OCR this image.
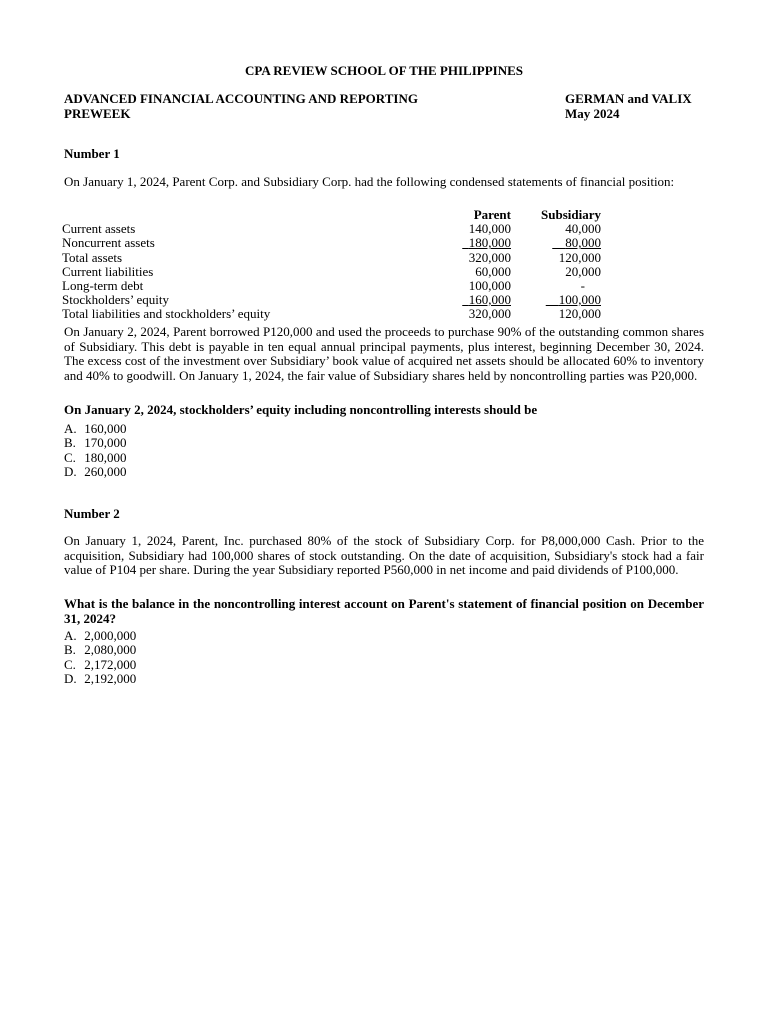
CPA REVIEW SCHOOL OF THE PHILIPPINES
ADVANCED FINANCIAL ACCOUNTING AND REPORTING
PREWEEK
GERMAN and VALIX
May 2024
Number 1
On January 1, 2024, Parent Corp. and Subsidiary Corp. had the following condensed statements of financial position:
Parent	Subsidiary
Current assets	140,000	40,000
Noncurrent assets	180,000	80,000
Total assets	320,000	120,000
Current liabilities	60,000	20,000
Long-term debt	100,000	-
Stockholders’ equity	160,000	100,000
Total liabilities and stockholders’ equity	320,000	120,000
On January 2, 2024, Parent borrowed P120,000 and used the proceeds to purchase 90% of the outstanding common shares of Subsidiary. This debt is payable in ten equal annual principal payments, plus interest, beginning December 30, 2024. The excess cost of the investment over Subsidiary’ book value of acquired net assets should be allocated 60% to inventory and 40% to goodwill. On January 1, 2024, the fair value of Subsidiary shares held by noncontrolling parties was P20,000.
On January 2, 2024, stockholders’ equity including noncontrolling interests should be
A. 160,000
B. 170,000
C. 180,000
D. 260,000
Number 2
On January 1, 2024, Parent, Inc. purchased 80% of the stock of Subsidiary Corp. for P8,000,000 Cash. Prior to the acquisition, Subsidiary had 100,000 shares of stock outstanding. On the date of acquisition, Subsidiary's stock had a fair value of P104 per share. During the year Subsidiary reported P560,000 in net income and paid dividends of P100,000.
What is the balance in the noncontrolling interest account on Parent's statement of financial position on December 31, 2024?
A. 2,000,000
B. 2,080,000
C. 2,172,000
D. 2,192,000
